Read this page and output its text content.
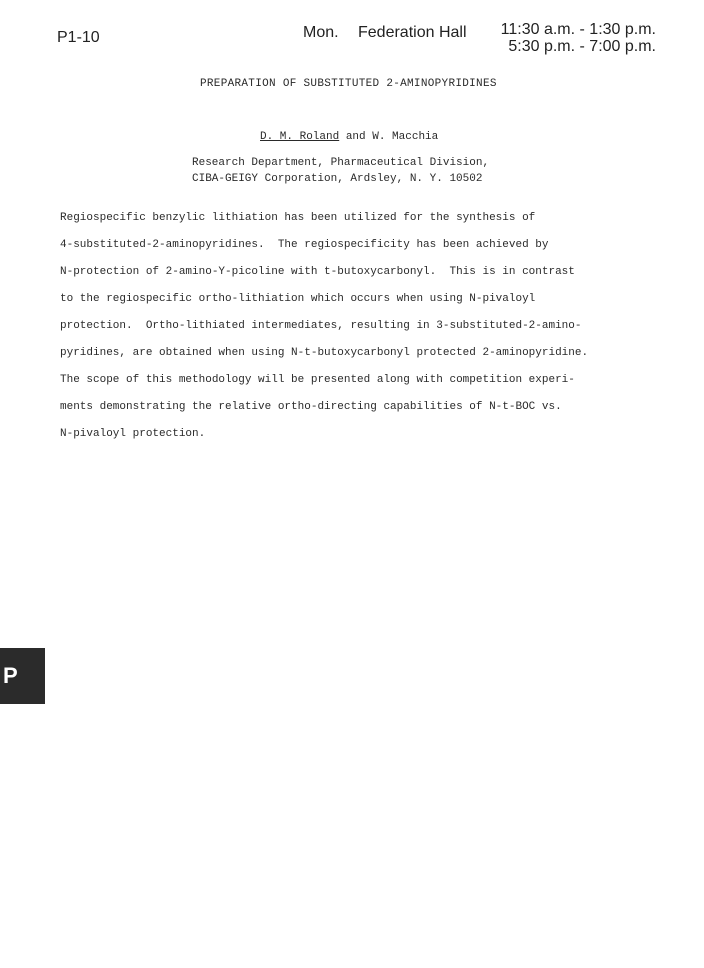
P1-10	Mon. Federation Hall 11:30 a.m. - 1:30 p.m.
5:30 p.m. - 7:00 p.m.
PREPARATION OF SUBSTITUTED 2-AMINOPYRIDINES
D. M. Roland and W. Macchia
Research Department, Pharmaceutical Division,
CIBA-GEIGY Corporation, Ardsley, N. Y. 10502
Regiospecific benzylic lithiation has been utilized for the synthesis of
4-substituted-2-aminopyridines.  The regiospecificity has been achieved by
N-protection of 2-amino-Y-picoline with t-butoxycarbonyl.  This is in contrast
to the regiospecific ortho-lithiation which occurs when using N-pivaloyl
protection.  Ortho-lithiated intermediates, resulting in 3-substituted-2-amino-
pyridines, are obtained when using N-t-butoxycarbonyl protected 2-aminopyridine.
The scope of this methodology will be presented along with competition experi-
ments demonstrating the relative ortho-directing capabilities of N-t-BOC vs.
N-pivaloyl protection.
P
